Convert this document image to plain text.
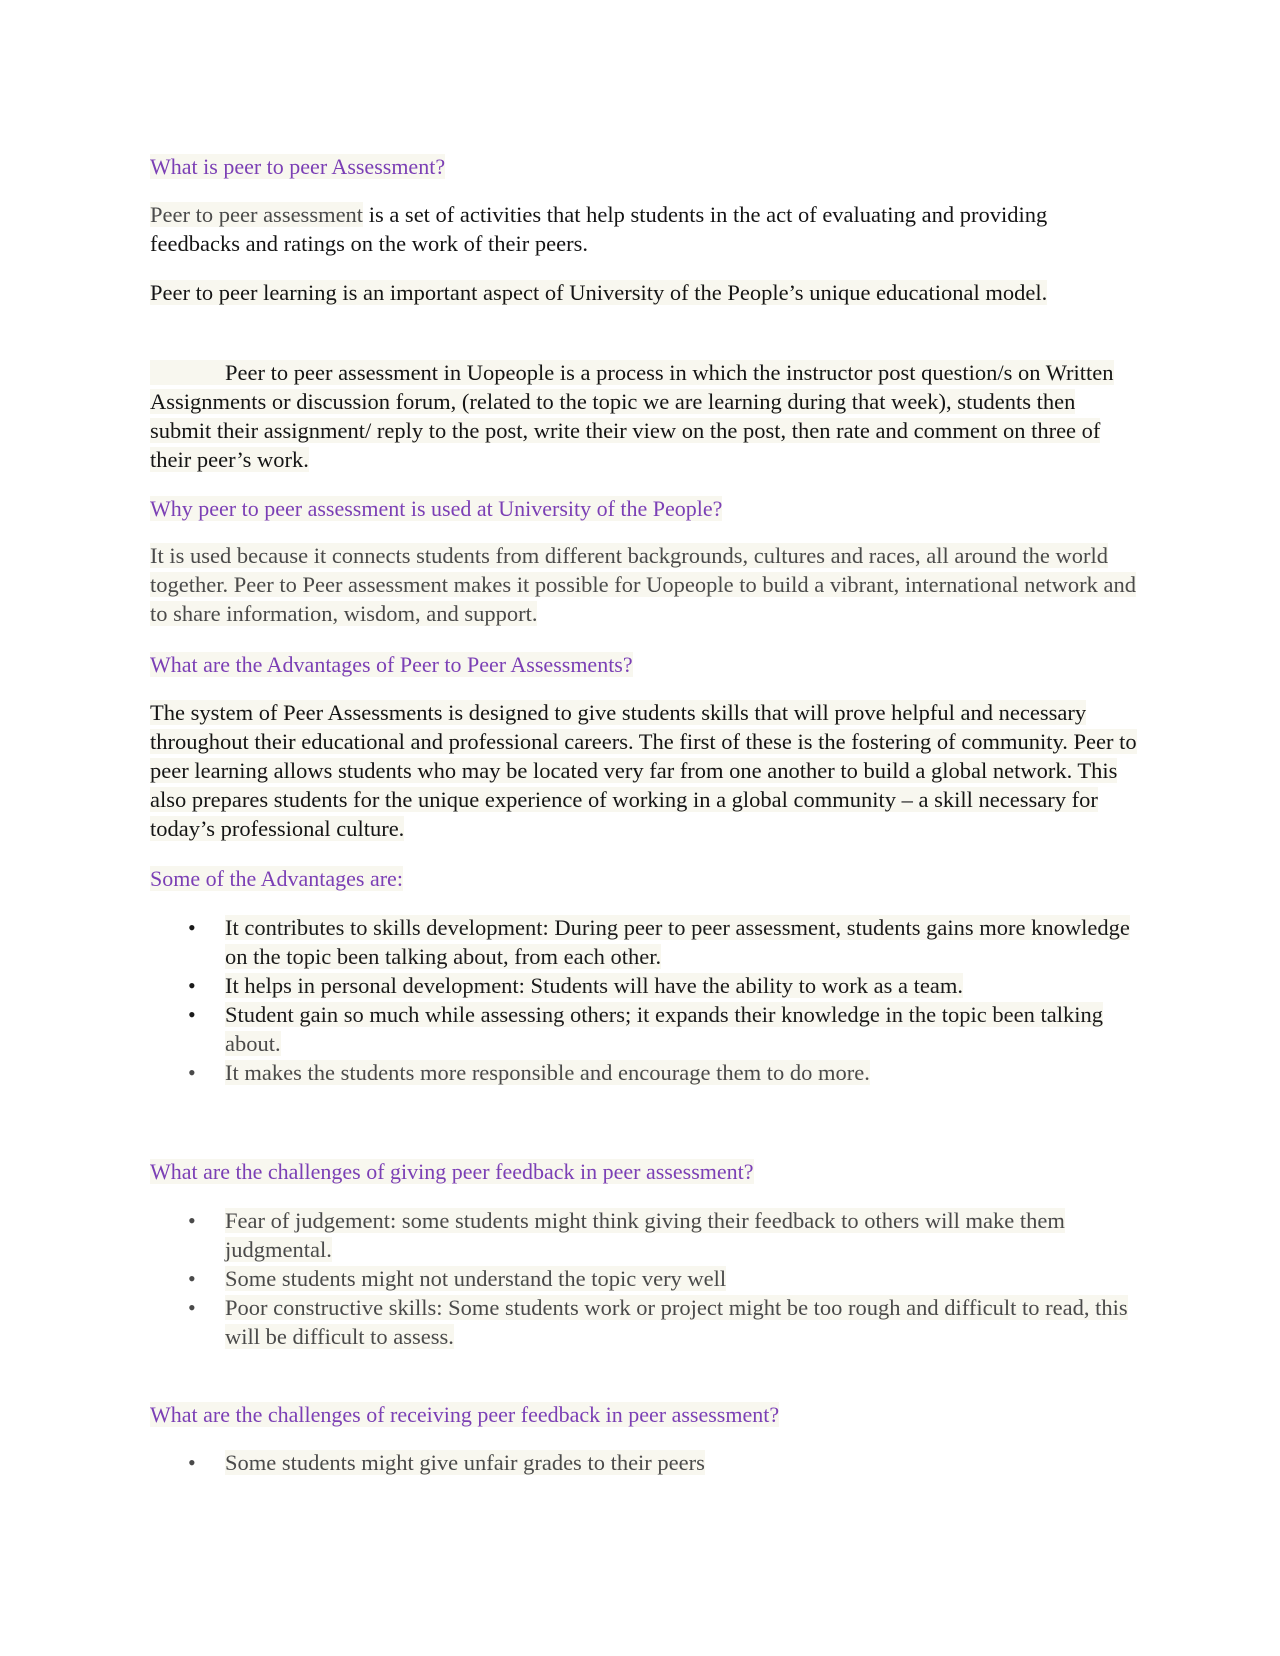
What is peer to peer Assessment?

Peer to peer assessment is a set of activities that help students in the act of evaluating and providing feedbacks and ratings on the work of their peers.

Peer to peer learning is an important aspect of University of the People’s unique educational model.

Peer to peer assessment in Uopeople is a process in which the instructor post question/s on Written Assignments or discussion forum, (related to the topic we are learning during that week), students then submit their assignment/ reply to the post, write their view on the post, then rate and comment on three of their peer’s work.

Why peer to peer assessment is used at University of the People?

It is used because it connects students from different backgrounds, cultures and races, all around the world together. Peer to Peer assessment makes it possible for Uopeople to build a vibrant, international network and to share information, wisdom, and support.

What are the Advantages of Peer to Peer Assessments?

The system of Peer Assessments is designed to give students skills that will prove helpful and necessary throughout their educational and professional careers. The first of these is the fostering of community. Peer to peer learning allows students who may be located very far from one another to build a global network. This also prepares students for the unique experience of working in a global community – a skill necessary for today’s professional culture.

Some of the Advantages are:

• It contributes to skills development: During peer to peer assessment, students gains more knowledge on the topic been talking about, from each other.
• It helps in personal development: Students will have the ability to work as a team.
• Student gain so much while assessing others; it expands their knowledge in the topic been talking about.
• It makes the students more responsible and encourage them to do more.

What are the challenges of giving peer feedback in peer assessment?

• Fear of judgement: some students might think giving their feedback to others will make them judgmental.
• Some students might not understand the topic very well
• Poor constructive skills: Some students work or project might be too rough and difficult to read, this will be difficult to assess.

What are the challenges of receiving peer feedback in peer assessment?

• Some students might give unfair grades to their peers
